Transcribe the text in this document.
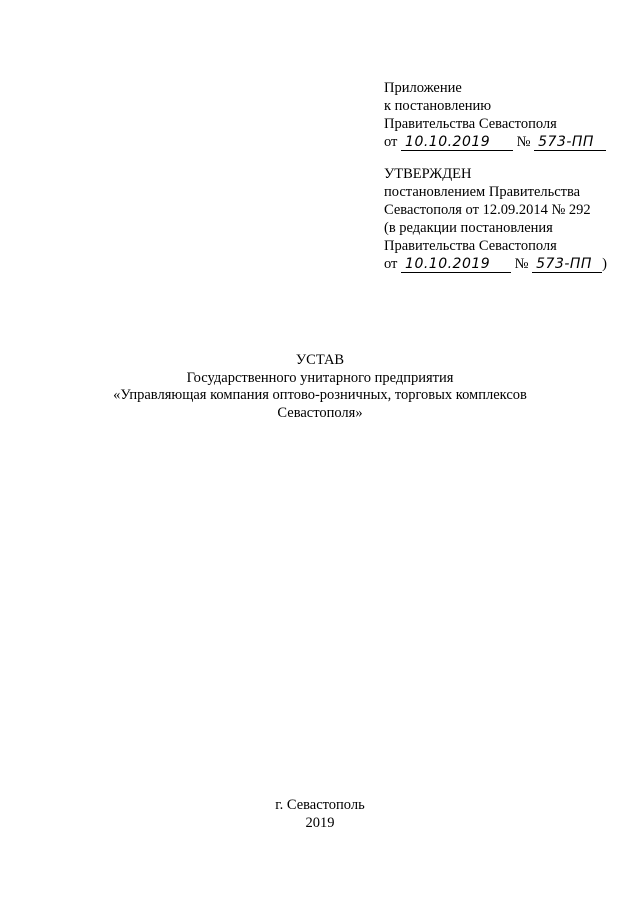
Приложение
к постановлению
Правительства Севастополя
от 10.10.2019 № 573-ПП
УТВЕРЖДЕН
постановлением Правительства
Севастополя от 12.09.2014 № 292
(в редакции постановления
Правительства Севастополя
от 10.10.2019 № 573-ПП )
УСТАВ
Государственного унитарного предприятия
«Управляющая компания оптово-розничных, торговых комплексов
Севастополя»
г. Севастополь
2019
